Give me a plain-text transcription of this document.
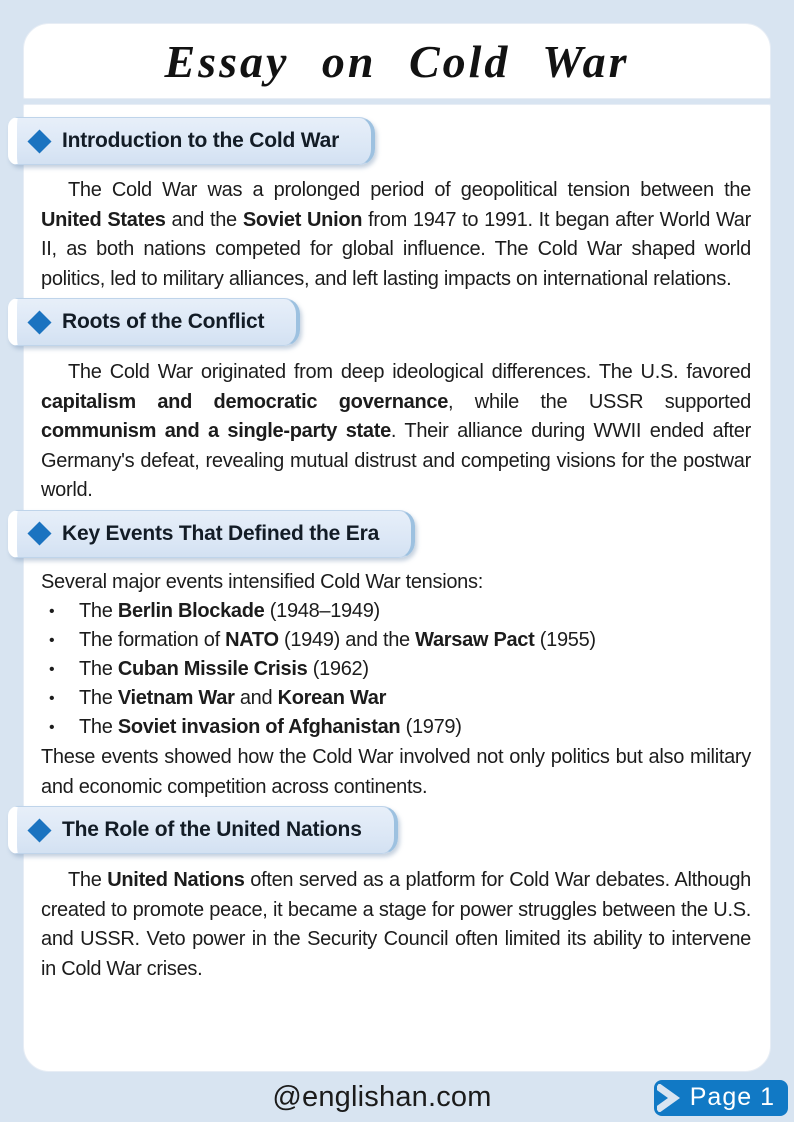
Essay on Cold War
Introduction to the Cold War

The Cold War was a prolonged period of geopolitical tension between the United States and the Soviet Union from 1947 to 1991. It began after World War II, as both nations competed for global influence. The Cold War shaped world politics, led to military alliances, and left lasting impacts on international relations.

Roots of the Conflict

The Cold War originated from deep ideological differences. The U.S. favored capitalism and democratic governance, while the USSR supported communism and a single-party state. Their alliance during WWII ended after Germany's defeat, revealing mutual distrust and competing visions for the postwar world.

Key Events That Defined the Era

Several major events intensified Cold War tensions:

•	The Berlin Blockade (1948–1949)
•	The formation of NATO (1949) and the Warsaw Pact (1955)
•	The Cuban Missile Crisis (1962)
•	The Vietnam War and Korean War
•	The Soviet invasion of Afghanistan (1979)

These events showed how the Cold War involved not only politics but also military and economic competition across continents.

The Role of the United Nations

The United Nations often served as a platform for Cold War debates. Although created to promote peace, it became a stage for power struggles between the U.S. and USSR. Veto power in the Security Council often limited its ability to intervene in Cold War crises.

@englishan.com	Page 1
